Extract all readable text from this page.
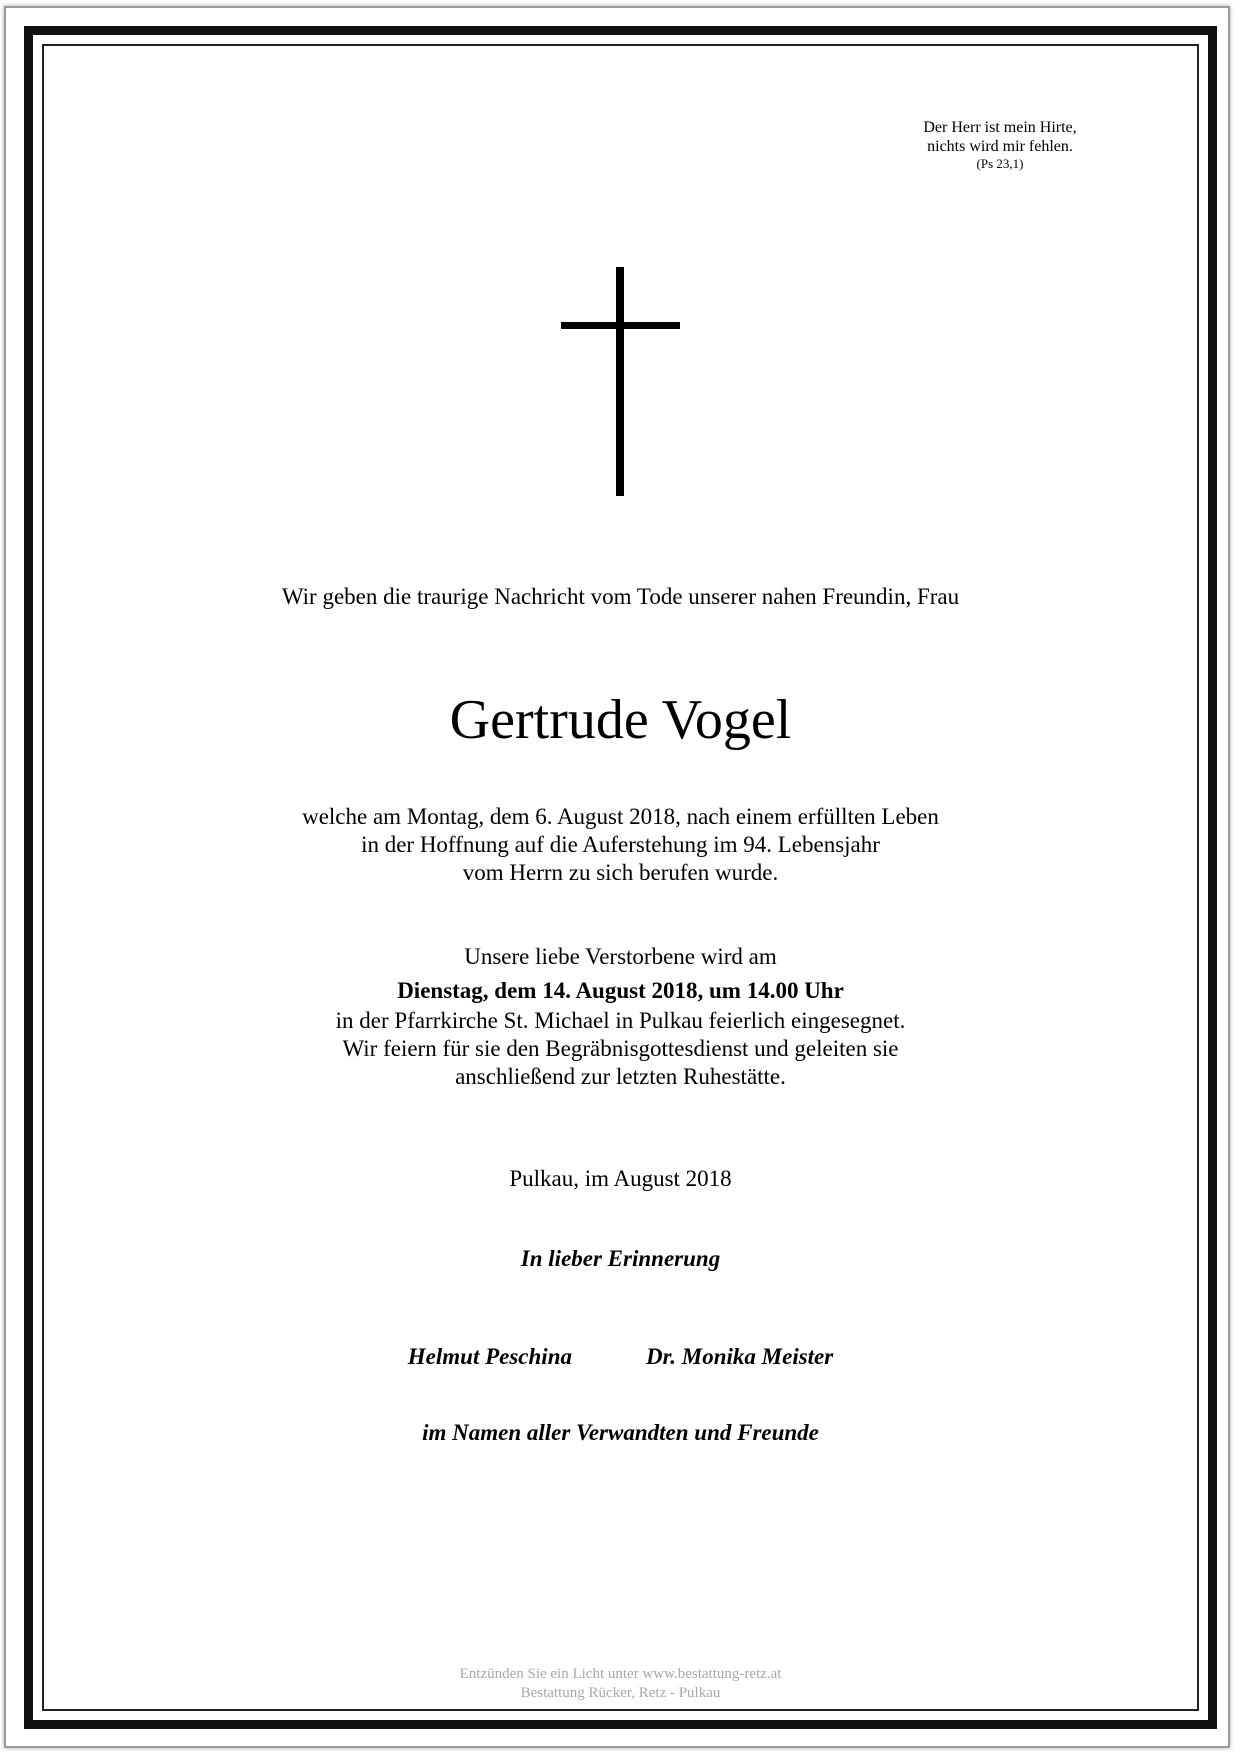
Der Herr ist mein Hirte,
nichts wird mir fehlen.
(Ps 23,1)
Wir geben die traurige Nachricht vom Tode unserer nahen Freundin, Frau
Gertrude Vogel
welche am Montag, dem 6. August 2018, nach einem erfüllten Leben
in der Hoffnung auf die Auferstehung im 94. Lebensjahr
vom Herrn zu sich berufen wurde.
Unsere liebe Verstorbene wird am
Dienstag, dem 14. August 2018, um 14.00 Uhr
in der Pfarrkirche St. Michael in Pulkau feierlich eingesegnet.
Wir feiern für sie den Begräbnisgottesdienst und geleiten sie
anschließend zur letzten Ruhestätte.
Pulkau, im August 2018
In lieber Erinnerung
Helmut Peschina	Dr. Monika Meister
im Namen aller Verwandten und Freunde
Entzünden Sie ein Licht unter www.bestattung-retz.at
Bestattung Rücker, Retz - Pulkau
